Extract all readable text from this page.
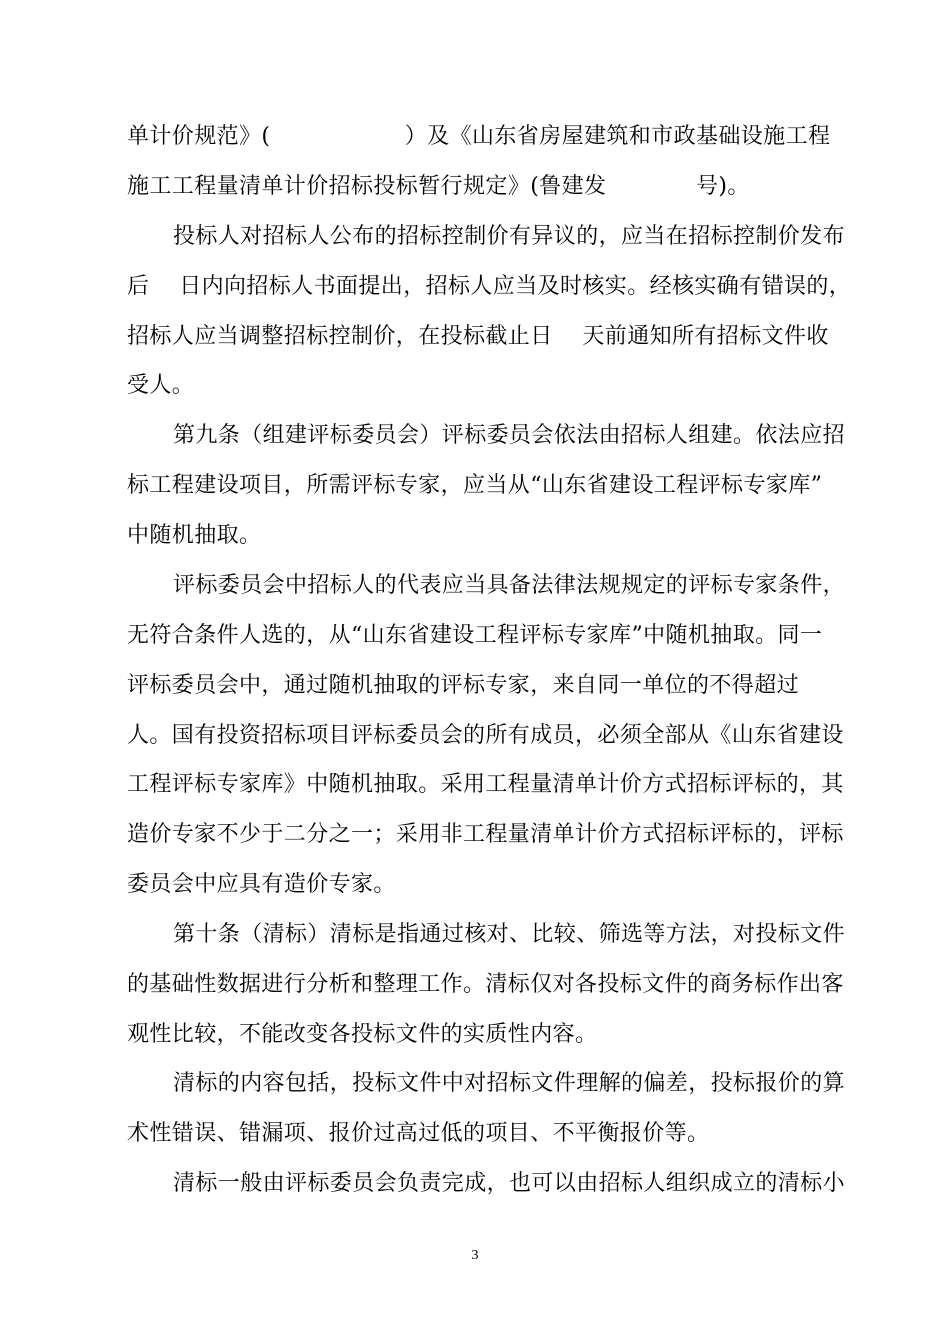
单计价规范》(　　　　　　）及《山东省房屋建筑和市政基础设施工程
施工工程量清单计价招标投标暂行规定》(鲁建发　　　　号)。
投标人对招标人公布的招标控制价有异议的，应当在招标控制价发布
后　 日内向招标人书面提出，招标人应当及时核实。经核实确有错误的，
招标人应当调整招标控制价，在投标截止日　 天前通知所有招标文件收
受人。
第九条（组建评标委员会）评标委员会依法由招标人组建。依法应招
标工程建设项目，所需评标专家，应当从“山东省建设工程评标专家库”
中随机抽取。
评标委员会中招标人的代表应当具备法律法规规定的评标专家条件，
无符合条件人选的，从“山东省建设工程评标专家库”中随机抽取。同一
评标委员会中，通过随机抽取的评标专家，来自同一单位的不得超过
人。国有投资招标项目评标委员会的所有成员，必须全部从《山东省建设
工程评标专家库》中随机抽取。采用工程量清单计价方式招标评标的，其
造价专家不少于二分之一；采用非工程量清单计价方式招标评标的，评标
委员会中应具有造价专家。
第十条（清标）清标是指通过核对、比较、筛选等方法，对投标文件
的基础性数据进行分析和整理工作。清标仅对各投标文件的商务标作出客
观性比较，不能改变各投标文件的实质性内容。
清标的内容包括，投标文件中对招标文件理解的偏差，投标报价的算
术性错误、错漏项、报价过高过低的项目、不平衡报价等。
清标一般由评标委员会负责完成，也可以由招标人组织成立的清标小
3
